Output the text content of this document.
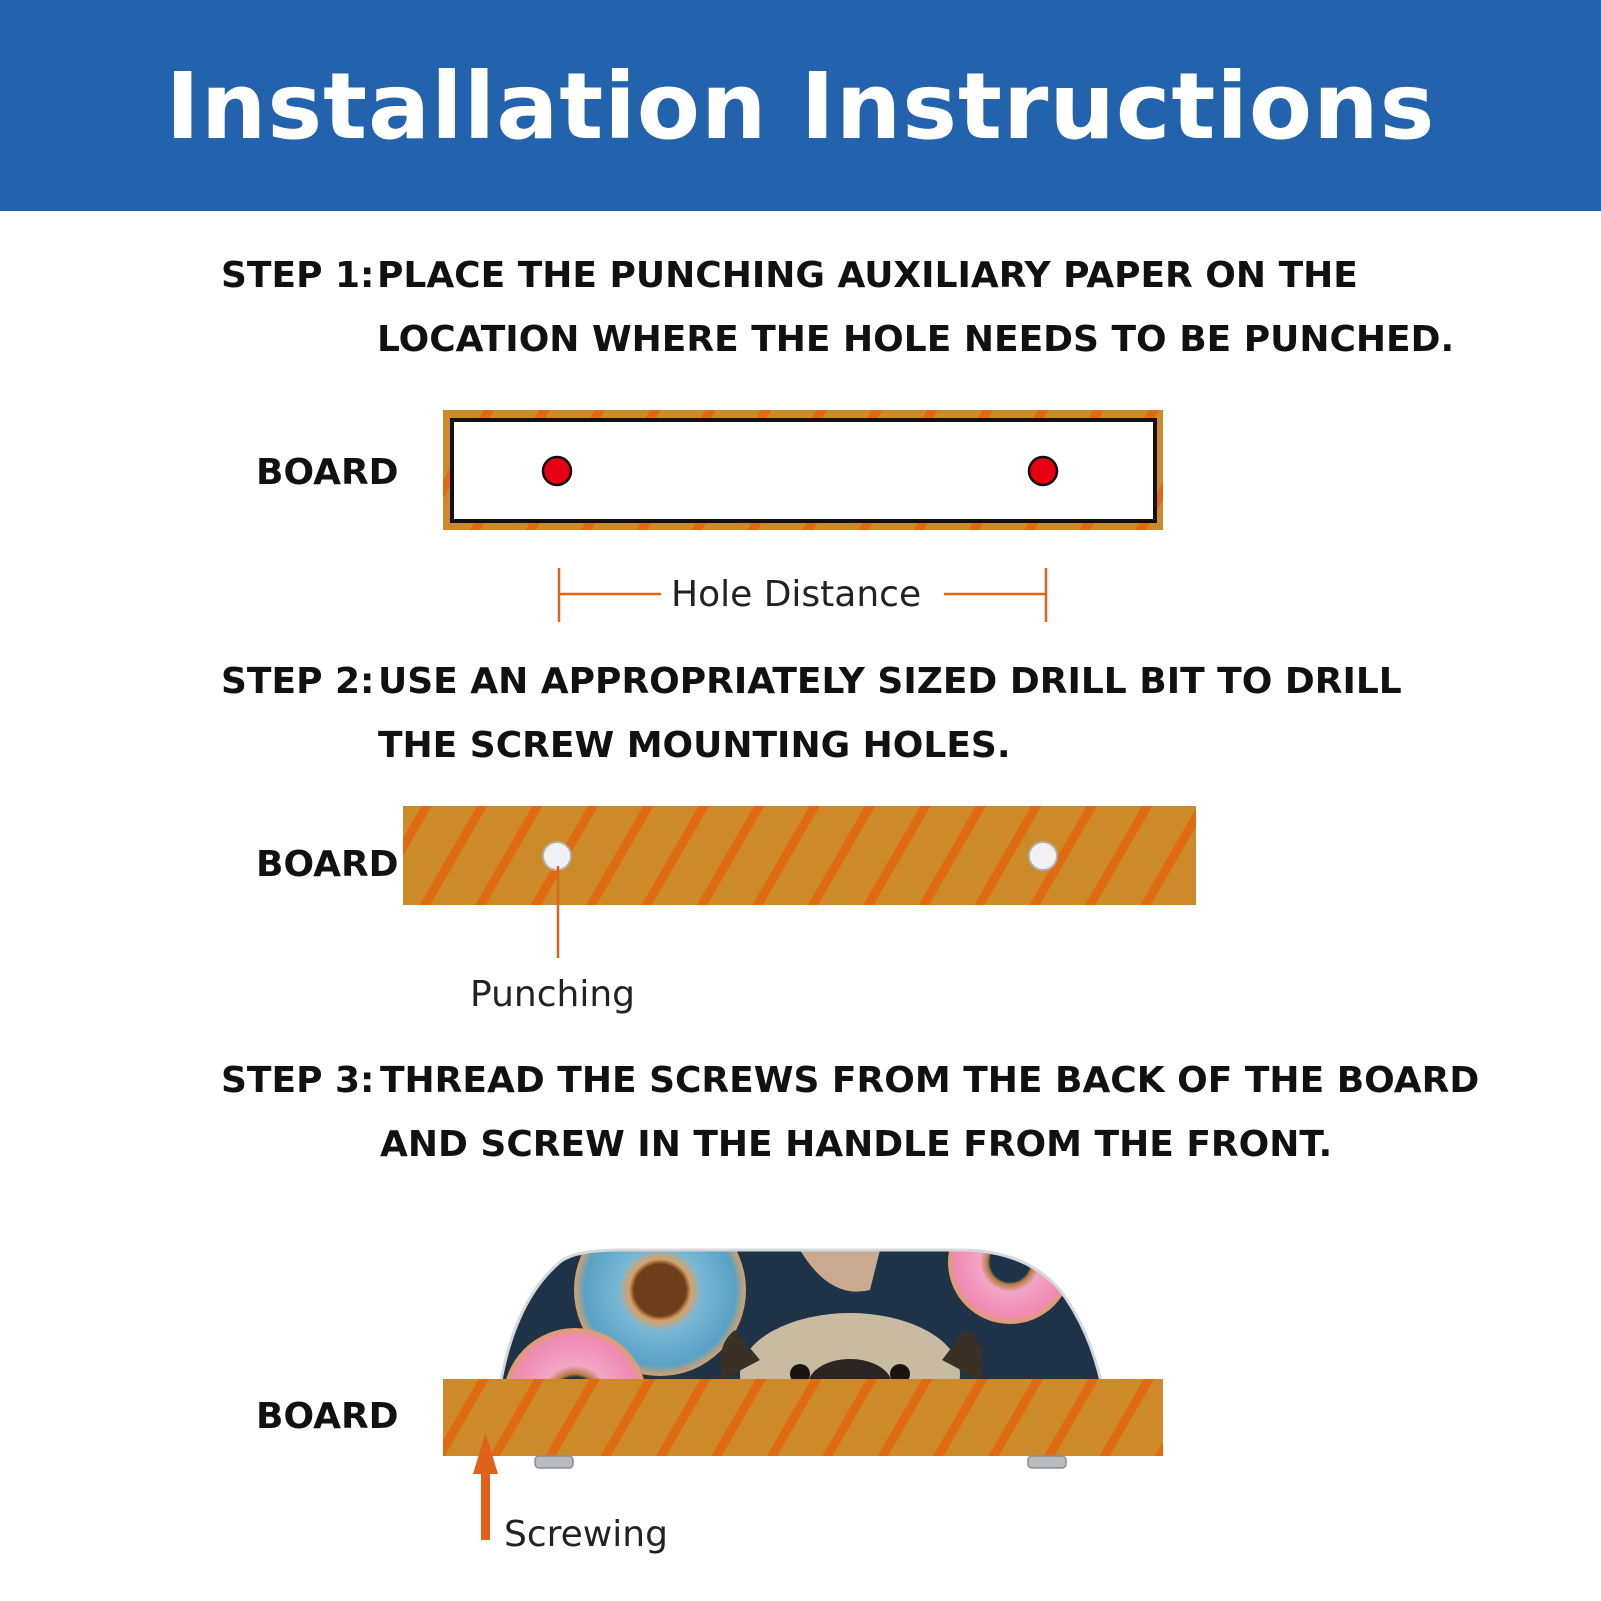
Installation Instructions
STEP 1: PLACE THE PUNCHING AUXILIARY PAPER ON THE
LOCATION WHERE THE HOLE NEEDS TO BE PUNCHED.
BOARD
STEP 2: USE AN APPROPRIATELY SIZED DRILL BIT TO DRILL
THE SCREW MOUNTING HOLES.
BOARD
STEP 3: THREAD THE SCREWS FROM THE BACK OF THE BOARD
AND SCREW IN THE HANDLE FROM THE FRONT.
BOARD
Hole Distance
Punching
Screwing
